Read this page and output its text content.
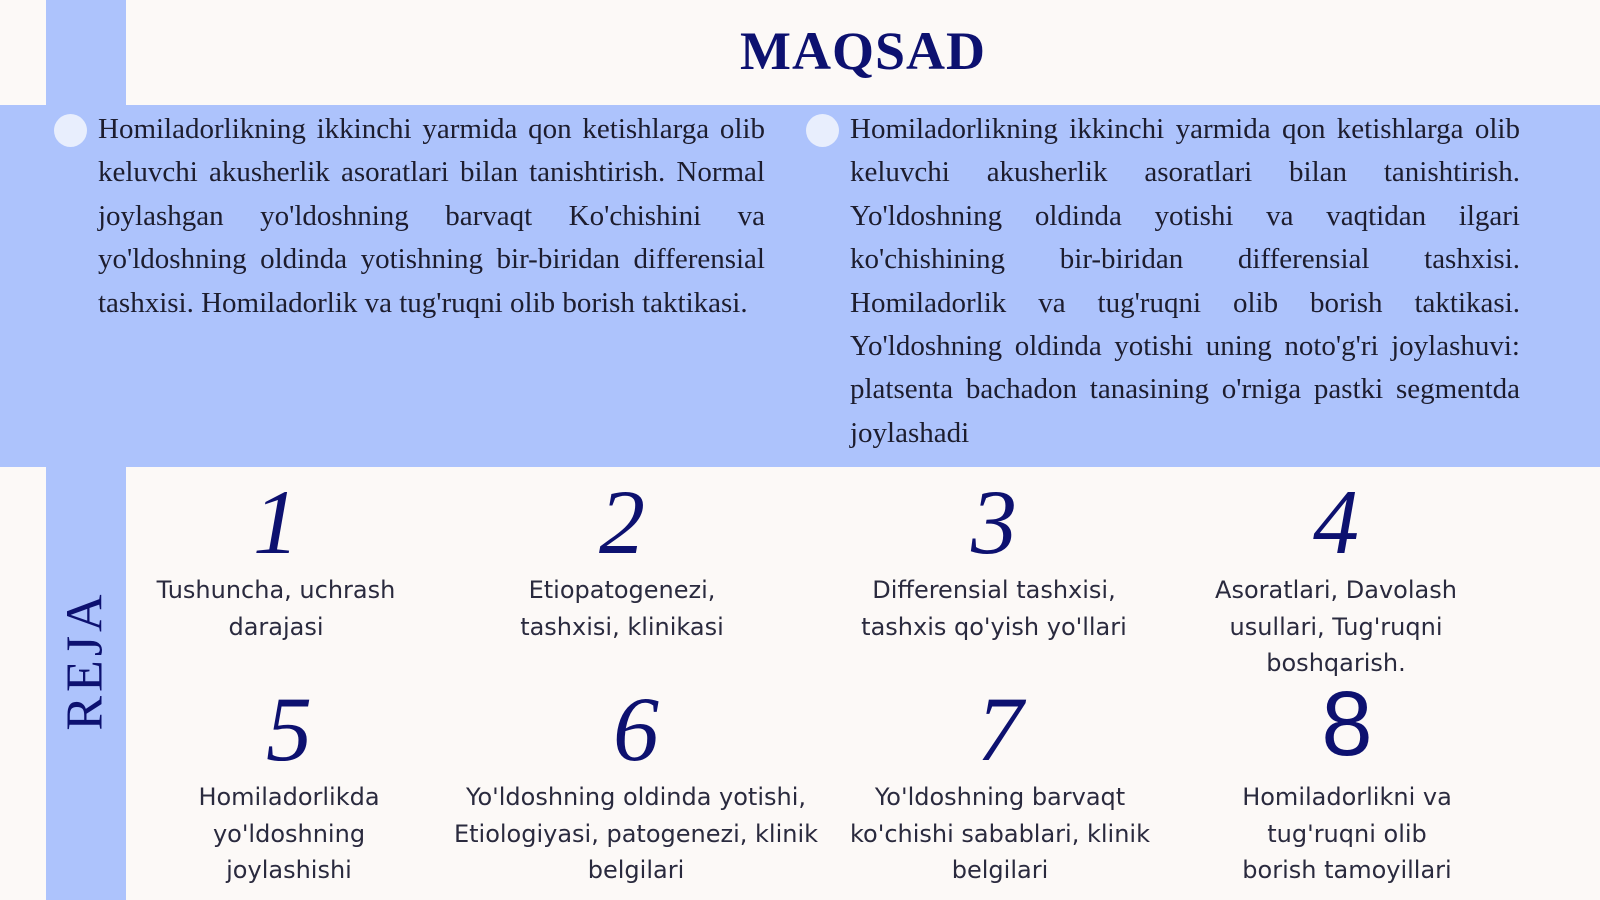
MAQSAD

Homiladorlikning ikkinchi yarmida qon ketishlarga olib keluvchi akusherlik asoratlari bilan tanishtirish. Normal joylashgan yo'ldoshning barvaqt Ko'chishini va yo'ldoshning oldinda yotishning bir-biridan differensial tashxisi. Homiladorlik va tug'ruqni olib borish taktikasi.

Homiladorlikning ikkinchi yarmida qon ketishlarga olib keluvchi akusherlik asoratlari bilan tanishtirish. Yo'ldoshning oldinda yotishi va vaqtidan ilgari ko'chishining bir-biridan differensial tashxisi. Homiladorlik va tug'ruqni olib borish taktikasi. Yo'ldoshning oldinda yotishi uning noto'g'ri joylashuvi: platsenta bachadon tanasining o'rniga pastki segmentda joylashadi

REJA
1
Tushuncha, uchrash darajasi
2
Etiopatogenezi, tashxisi, klinikasi
3
Differensial tashxisi, tashxis qo'yish yo'llari
4
Asoratlari, Davolash usullari, Tug'ruqni boshqarish.
5
Homiladorlikda yo'ldoshning joylashishi
6
Yo'ldoshning oldinda yotishi, Etiologiyasi, patogenezi, klinik belgilari
7
Yo'ldoshning barvaqt ko'chishi sabablari, klinik belgilari
8
Homiladorlikni va tug'ruqni olib borish tamoyillari
